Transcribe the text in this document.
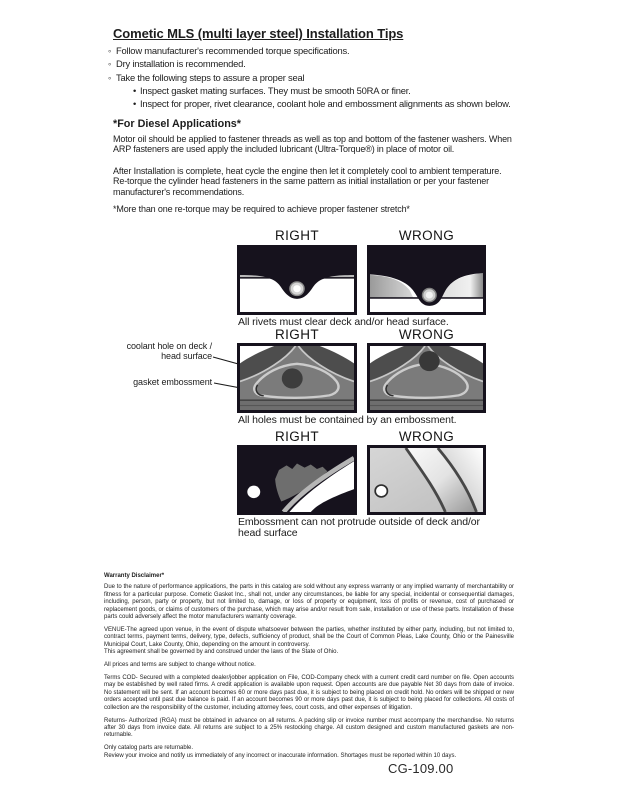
Cometic MLS (multi layer steel) Installation Tips
◦ Follow manufacturer's recommended torque specifications.
◦ Dry installation is recommended.
◦ Take the following steps to assure a proper seal
• Inspect gasket mating surfaces. They must be smooth 50RA or finer.
• Inspect for proper, rivet clearance, coolant hole and embossment alignments as shown below.
*For Diesel Applications*

Motor oil should be applied to fastener threads as well as top and bottom of the fastener washers. When ARP fasteners are used apply the included lubricant (Ultra-Torque®) in place of motor oil.

After Installation is complete, heat cycle the engine then let it completely cool to ambient temperature. Re-torque the cylinder head fasteners in the same pattern as initial installation or per your fastener manufacturer's recommendations.

*More than one re-torque may be required to achieve proper fastener stretch*

RIGHT	WRONG
All rivets must clear deck and/or head surface.
coolant hole on deck / head surface
gasket embossment
RIGHT	WRONG
All holes must be contained by an embossment.
RIGHT	WRONG
Embossment can not protrude outside of deck and/or head surface

Warranty Disclaimer*

Due to the nature of performance applications, the parts in this catalog are sold without any express warranty or any implied warranty of merchantability or fitness for a particular purpose. Cometic Gasket Inc., shall not, under any circumstances, be liable for any special, incidental or consequential damages, including, person, party or property, but not limited to, damage, or loss of property or equipment, loss of profits or revenue, cost of purchased or replacement goods, or claims of customers of the purchase, which may arise and/or result from sale, installation or use of these parts. Installation of these parts could adversely affect the motor manufacturers warranty coverage.

VENUE-The agreed upon venue, in the event of dispute whatsoever between the parties, whether instituted by either party, including, but not limited to, contract terms, payment terms, delivery, type, defects, sufficiency of product, shall be the Court of Common Pleas, Lake County, Ohio or the Painesville Municipal Court, Lake County, Ohio, depending on the amount in controversy.

This agreement shall be governed by and construed under the laws of the State of Ohio.

All prices and terms are subject to change without notice.

Terms COD- Secured with a completed dealer/jobber application on File, COD-Company check with a current credit card number on file. Open accounts may be established by well rated firms. A credit application is available upon request. Open accounts are due payable Net 30 days from date of invoice. No statement will be sent. If an account becomes 60 or more days past due, it is subject to being placed on credit hold. No orders will be shipped or new orders accepted until past due balance is paid. If an account becomes 90 or more days past due, it is subject to being placed for collections. All costs of collection are the responsibility of the customer, including attorney fees, court costs, and other expenses of litigation.

Returns- Authorized (RGA) must be obtained in advance on all returns. A packing slip or invoice number must accompany the merchandise. No returns after 30 days from invoice date. All returns are subject to a 25% restocking charge. All custom designed and custom manufactured gaskets are non-returnable.

Only catalog parts are returnable.

Review your invoice and notify us immediately of any incorrect or inaccurate information. Shortages must be reported within 10 days.

CG-109.00
